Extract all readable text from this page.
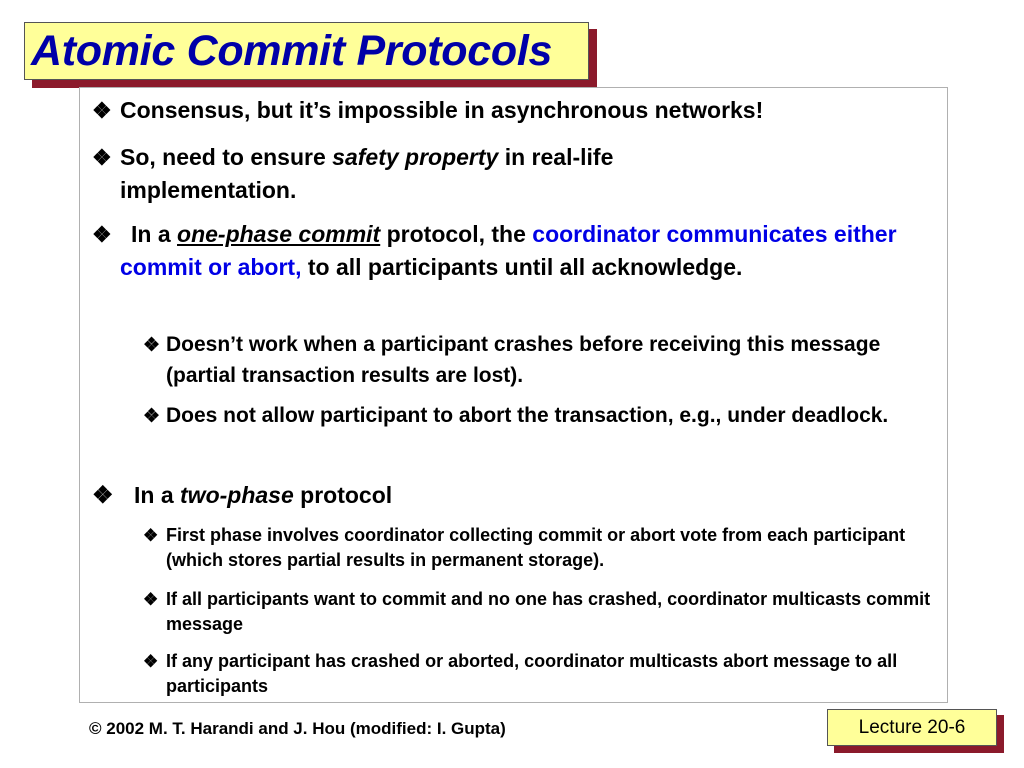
Atomic Commit Protocols
❖ Consensus, but it’s impossible in asynchronous networks!
❖ So, need to ensure safety property in real-life implementation.
❖ In a one-phase commit protocol, the coordinator communicates either commit or abort, to all participants until all acknowledge.
❖ Doesn’t work when a participant crashes before receiving this message (partial transaction results are lost).
❖ Does not allow participant to abort the transaction, e.g., under deadlock.
❖ In a two-phase protocol
❖ First phase involves coordinator collecting commit or abort vote from each participant (which stores partial results in permanent storage).
❖ If all participants want to commit and no one has crashed, coordinator multicasts commit message
❖ If any participant has crashed or aborted, coordinator multicasts abort message to all participants
© 2002 M. T. Harandi and J. Hou (modified: I. Gupta)	Lecture 20-6
